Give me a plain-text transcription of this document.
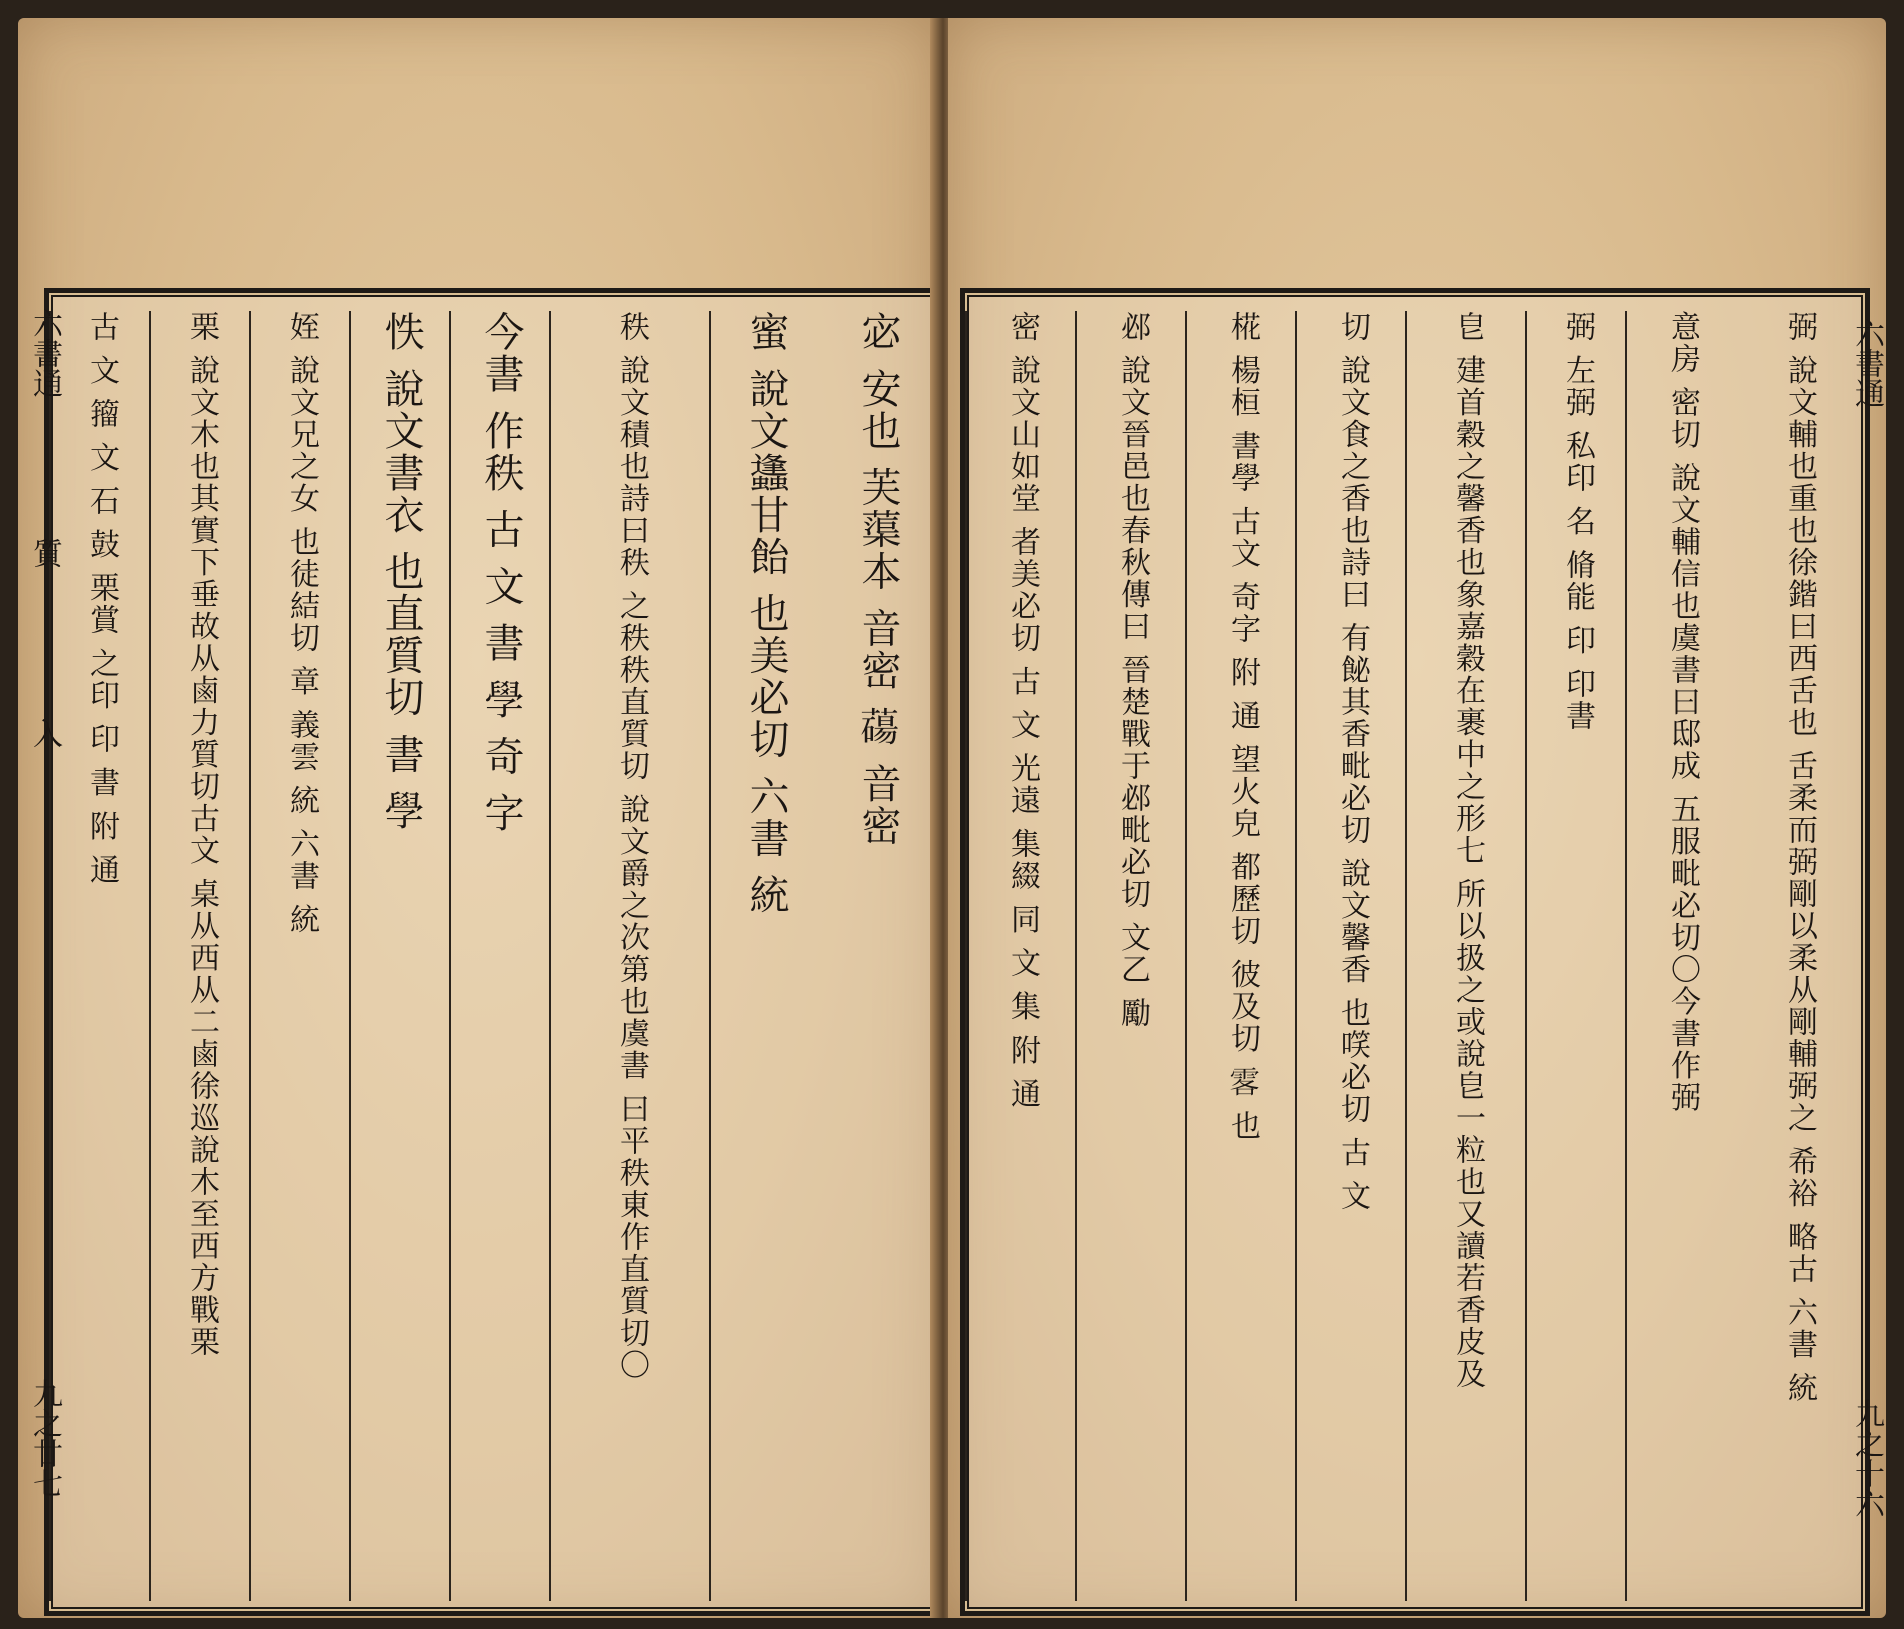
宓 安也 芙蕖本 音密 𦿆 音密
蜜 說文蠭甘飴 也美必切 六書 統
秩 說文積也詩曰秩 之秩秩直質切 說文爵之次第也虞書 曰平秩東作直質切〇
今書 作秩 古 文 書 學 奇 字
怢 說文書衣 也直質切 書 學
姪 說文兄之女 也徒結切 章 義雲 統 六書 統
栗 說文木也其實下垂故从鹵力質切古文 桌从西从二鹵徐巡說木至西方戰栗
古 文 籀 文 石 鼓 栗賞 之印 印 書 附 通
六書通
質
入
九之廿七
弼 說文輔也重也徐鍇曰西舌也 舌柔而弼剛以柔从剛輔弼之 希裕 略古 六書 統
意房 密切 說文輔信也虞書曰邸成 五服毗必切〇今書作弼
弼 左弼 私印 名 脩能 印 印書
皀 建首穀之馨香也象嘉穀在裹中之形七 所以扱之或說皀一粒也又讀若香皮及
切 說文食之香也詩曰 有飶其香毗必切 說文馨香 也㗛必切 古 文
椛 楊桓 書學 古文 奇字 附 通 望火皃 都歷切 彼及切 𩂣 也
邲 說文晉邑也春秋傳曰 晉楚戰于邲毗必切 文乙 勵
密 說文山如堂 者美必切 古 文 光遠 集綴 同 文 集 附 通	六書通
九之十六
